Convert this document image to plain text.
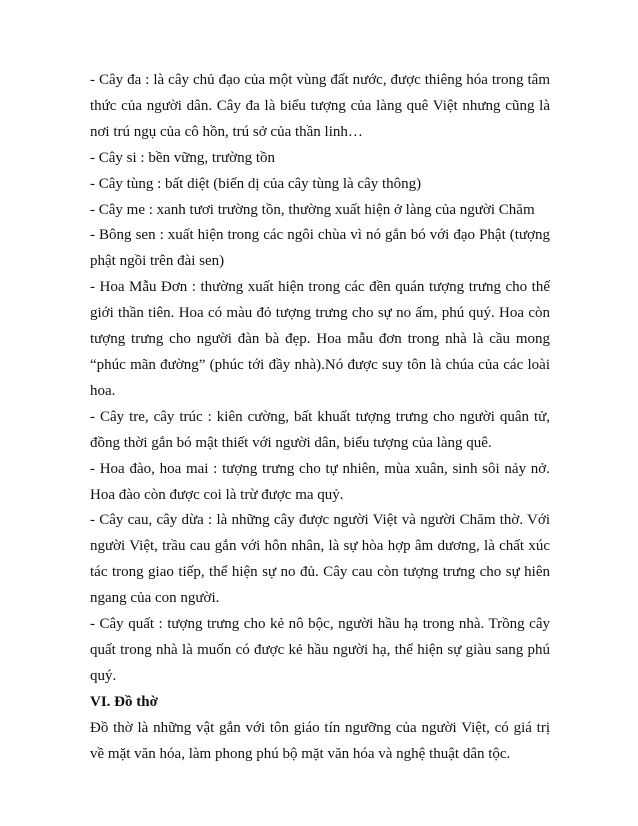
- Cây đa : là cây chủ đạo của một vùng đất nước, được thiêng hóa trong tâm thức của người dân. Cây đa là biểu tượng của làng quê Việt nhưng cũng là nơi trú ngụ của cô hồn, trú sở của thần linh…

- Cây si : bền vững, trường tồn

- Cây tùng : bất diệt (biến dị của cây tùng là cây thông)

- Cây me : xanh tươi trường tồn, thường xuất hiện ở làng của người Chăm

- Bông sen : xuất hiện trong các ngôi chùa vì nó gắn bó với đạo Phật (tượng phật ngồi trên đài sen)

- Hoa Mẫu Đơn : thường xuất hiện trong các đền quán tượng trưng cho thế giới thần tiên. Hoa có màu đỏ tượng trưng cho sự no ấm, phú quý. Hoa còn tượng trưng cho người đàn bà đẹp. Hoa mẫu đơn trong nhà là cầu mong “phúc mãn đường” (phúc tới đầy nhà).Nó được suy tôn là chúa của các loài hoa.

- Cây tre, cây trúc : kiên cường, bất khuất tượng trưng cho người quân tử, đồng thời gắn bó mật thiết với người dân, biểu tượng của làng quê.

- Hoa đào, hoa mai : tượng trưng cho tự nhiên, mùa xuân, sinh sôi nảy nở. Hoa đào còn được coi là trừ được ma quỷ.

- Cây cau, cây dừa : là những cây được người Việt và người Chăm thờ. Với người Việt, trầu cau gắn với hôn nhân, là sự hòa hợp âm dương, là chất xúc tác trong giao tiếp, thể hiện sự no đủ. Cây cau còn tượng trưng cho sự hiên ngang của con người.

- Cây quất : tượng trưng cho kẻ nô bộc, người hầu hạ trong nhà. Trồng cây quất trong nhà là muốn có được kẻ hầu người hạ, thể hiện sự giàu sang phú quý.

VI. Đồ thờ

Đồ thờ là những vật gắn với tôn giáo tín ngưỡng của người Việt, có giá trị về mặt văn hóa, làm phong phú bộ mặt văn hóa và nghệ thuật dân tộc.
